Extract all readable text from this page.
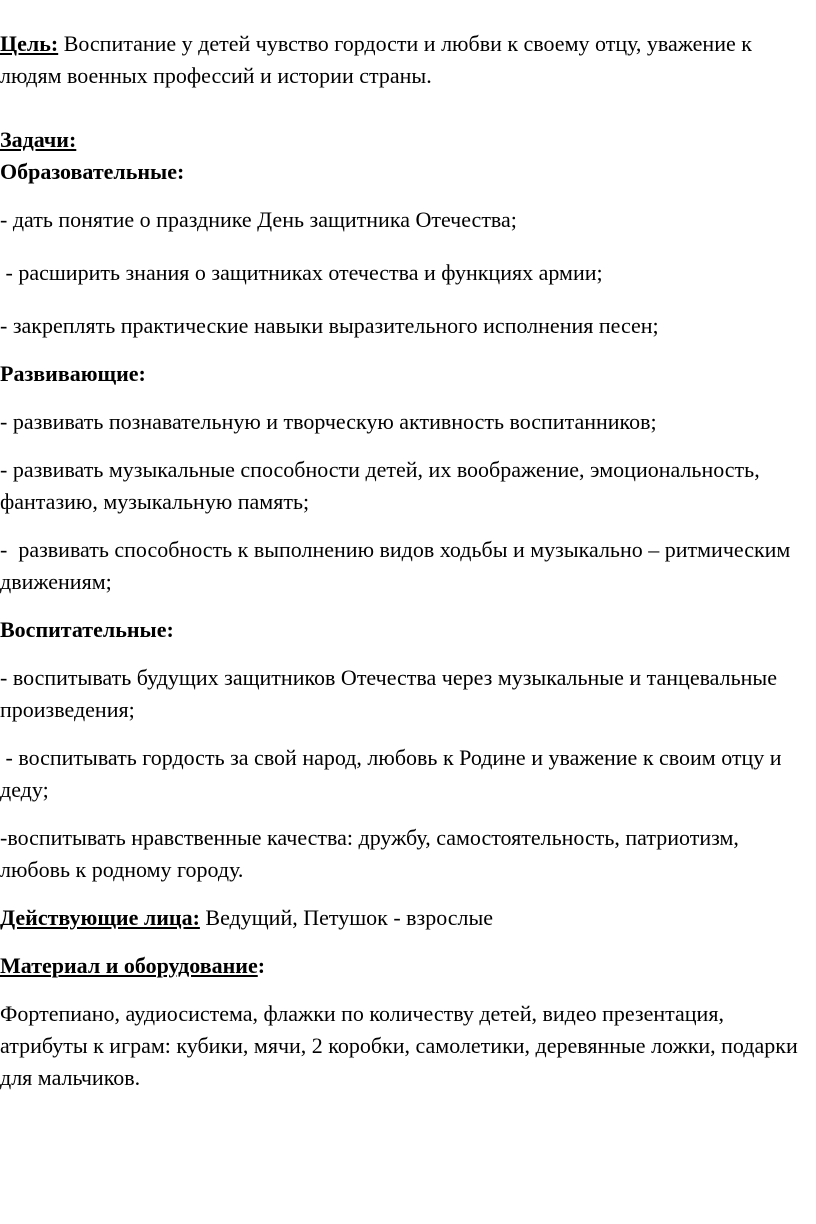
Цель: Воспитание у детей чувство гордости и любви к своему отцу, уважение к людям военных профессий и истории страны.

Задачи:

Образовательные:

- дать понятие о празднике День защитника Отечества;

- расширить знания о защитниках отечества и функциях армии;

- закреплять практические навыки выразительного исполнения песен;

Развивающие:

- развивать познавательную и творческую активность воспитанников;

- развивать музыкальные способности детей, их воображение, эмоциональность, фантазию, музыкальную память;

-  развивать способность к выполнению видов ходьбы и музыкально – ритмическим движениям;

Воспитательные:

- воспитывать будущих защитников Отечества через музыкальные и танцевальные произведения;

- воспитывать гордость за свой народ, любовь к Родине и уважение к своим отцу и деду;

-воспитывать нравственные качества: дружбу, самостоятельность, патриотизм, любовь к родному городу.

Действующие лица: Ведущий, Петушок - взрослые

Материал и оборудование:

Фортепиано, аудиосистема, флажки по количеству детей, видео презентация, атрибуты к играм: кубики, мячи, 2 коробки, самолетики, деревянные ложки, подарки для мальчиков.
